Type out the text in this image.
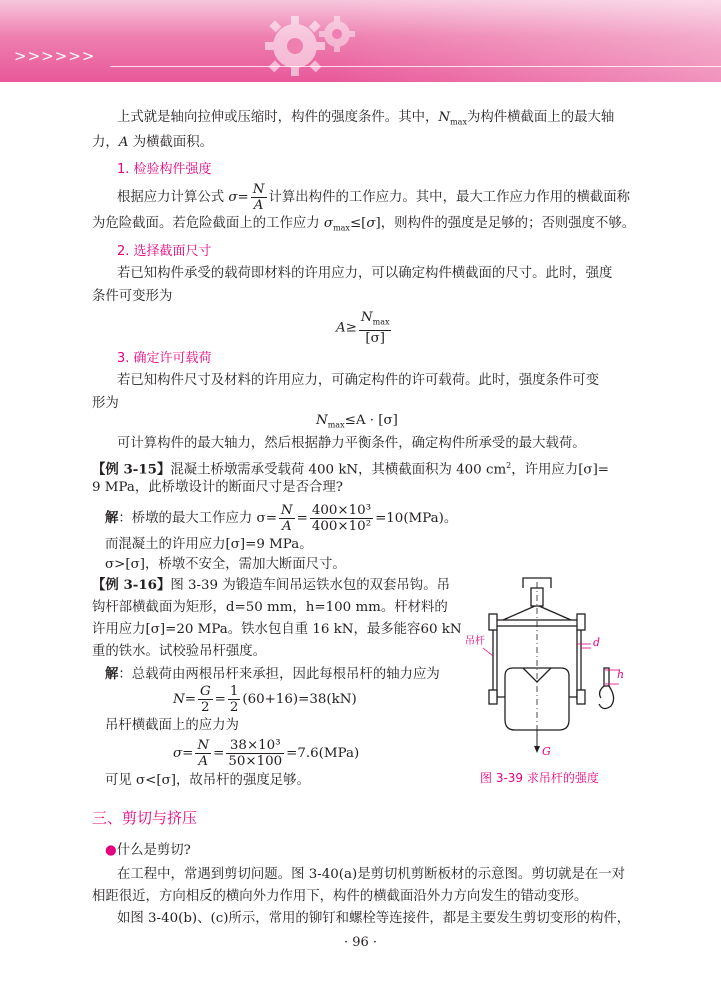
>>>>>>
上式就是轴向拉伸或压缩时，构件的强度条件。其中，$N_{max}$为构件横截面上的最大轴
力，A 为横截面积。
1. 检验构件强度
根据应力计算公式 $\sigma= \frac{N}{A}$ 计算出构件的工作应力。其中，最大工作应力作用的横截面称
为危险截面。若危险截面上的工作应力 $\sigma_{max}\le[\sigma]$，则构件的强度是足够的；否则强度不够。
2. 选择截面尺寸
若已知构件承受的载荷即材料的许用应力，可以确定构件横截面的尺寸。此时，强度
条件可变形为
$A\ge \frac{N_{max}}{[\sigma]}$
3. 确定许可载荷
若已知构件尺寸及材料的许用应力，可确定构件的许可载荷。此时，强度条件可变
形为
$N_{max}\le A \cdot [\sigma]$
可计算构件的最大轴力，然后根据静力平衡条件，确定构件所承受的最大载荷。
【例 3-15】混凝土桥墩需承受载荷 400 kN，其横截面积为 400 $cm^2$，许用应力[σ]=
9 MPa，此桥墩设计的断面尺寸是否合理?
解：桥墩的最大工作应力 $\sigma= \frac{N}{A} = \frac{\text{400×10³}}{\text{400×10²}} =10(MPa)$。
而混凝土的许用应力[σ]=9 MPa。
σ>[σ]，桥墩不安全，需加大断面尺寸。
【例 3-16】图 3-39 为锻造车间吊运铁水包的双套吊钩。吊
钩杆部横截面为矩形，d=50 mm，h=100 mm。杆材料的
许用应力[σ]=20 MPa。铁水包自重 16 kN，最多能容60 kN
重的铁水。试校验吊杆强度。
解：总载荷由两根吊杆来承担，因此每根吊杆的轴力应为
$N= \frac{G}{2} = \frac{1}{2} (60+16)=38(kN)$
吊杆横截面上的应力为
$\sigma= \frac{N}{A} = \frac{\text{38×10³}}{50\times 100} =7.6(MPa)$
可见 σ<[σ]，故吊杆的强度足够。
吊杆	d
h
G
图 3-39 求吊杆的强度
三、剪切与挤压
●什么是剪切?
在工程中，常遇到剪切问题。图 3-40(a)是剪切机剪断板材的示意图。剪切就是在一对
相距很近，方向相反的横向外力作用下，构件的横截面沿外力方向发生的错动变形。
如图 3-40(b)、(c)所示，常用的铆钉和螺栓等连接件，都是主要发生剪切变形的构件，
· 96 ·
